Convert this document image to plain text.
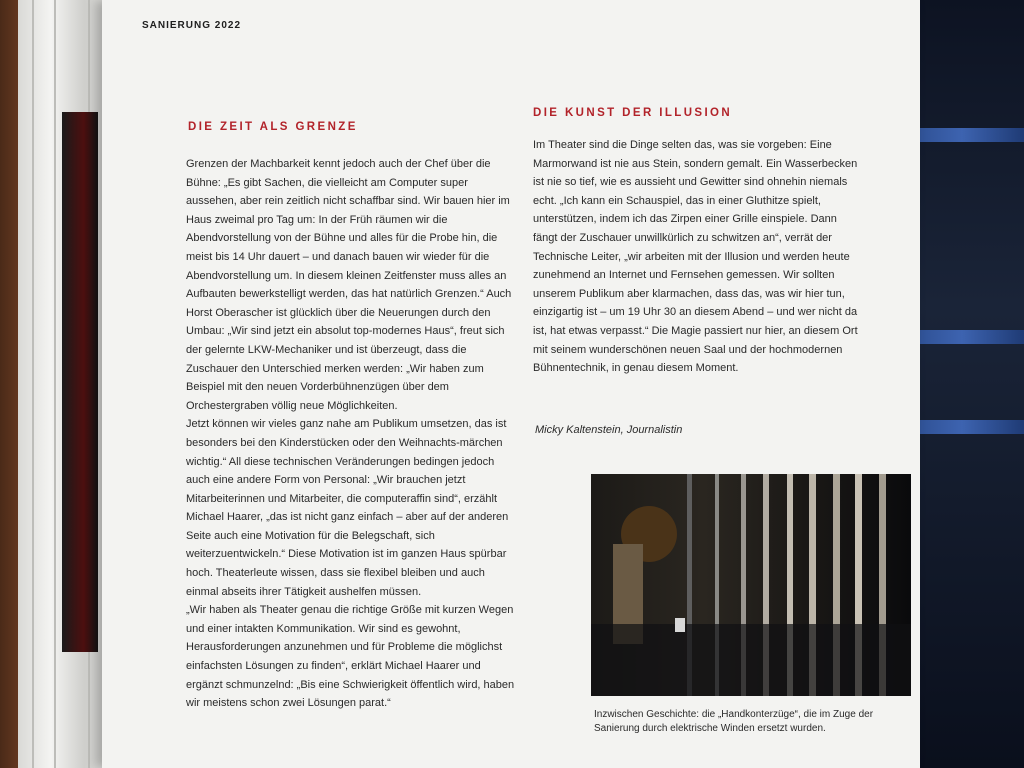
SANIERUNG 2022
DIE ZEIT ALS GRENZE

Grenzen der Machbarkeit kennt jedoch auch der Chef über die Bühne: „Es gibt Sachen, die vielleicht am Computer super aussehen, aber rein zeitlich nicht schaffbar sind. Wir bauen hier im Haus zweimal pro Tag um: In der Früh räumen wir die Abendvorstellung von der Bühne und alles für die Probe hin, die meist bis 14 Uhr dauert – und danach bauen wir wieder für die Abendvorstellung um. In diesem kleinen Zeitfenster muss alles an Aufbauten bewerkstelligt werden, das hat natürlich Grenzen.“ Auch Horst Oberascher ist glücklich über die Neuerungen durch den Umbau: „Wir sind jetzt ein absolut top-modernes Haus“, freut sich der gelernte LKW-Mechaniker und ist überzeugt, dass die Zuschauer den Unterschied merken werden: „Wir haben zum Beispiel mit den neuen Vorderbühnenzügen über dem Orchestergraben völlig neue Möglichkeiten.

Jetzt können wir vieles ganz nahe am Publikum umsetzen, das ist besonders bei den Kinderstücken oder den Weihnachts-märchen wichtig.“ All diese technischen Veränderungen bedingen jedoch auch eine andere Form von Personal: „Wir brauchen jetzt Mitarbeiterinnen und Mitarbeiter, die computeraffin sind“, erzählt Michael Haarer, „das ist nicht ganz einfach – aber auf der anderen Seite auch eine Motivation für die Belegschaft, sich weiterzuentwickeln.“ Diese Motivation ist im ganzen Haus spürbar hoch. Theaterleute wissen, dass sie flexibel bleiben und auch einmal abseits ihrer Tätigkeit aushelfen müssen.

„Wir haben als Theater genau die richtige Größe mit kurzen Wegen und einer intakten Kommunikation. Wir sind es gewohnt, Herausforderungen anzunehmen und für Probleme die möglichst einfachsten Lösungen zu finden“, erklärt Michael Haarer und ergänzt schmunzelnd: „Bis eine Schwierigkeit öffentlich wird, haben wir meistens schon zwei Lösungen parat.“

DIE KUNST DER ILLUSION

Im Theater sind die Dinge selten das, was sie vorgeben: Eine Marmorwand ist nie aus Stein, sondern gemalt. Ein Wasserbecken ist nie so tief, wie es aussieht und Gewitter sind ohnehin niemals echt. „Ich kann ein Schauspiel, das in einer Gluthitze spielt, unterstützen, indem ich das Zirpen einer Grille einspiele. Dann fängt der Zuschauer unwillkürlich zu schwitzen an“, verrät der Technische Leiter, „wir arbeiten mit der Illusion und werden heute zunehmend an Internet und Fernsehen gemessen. Wir sollten unserem Publikum aber klarmachen, dass das, was wir hier tun, einzigartig ist – um 19 Uhr 30 an diesem Abend – und wer nicht da ist, hat etwas verpasst.“ Die Magie passiert nur hier, an diesem Ort mit seinem wunderschönen neuen Saal und der hochmodernen Bühnentechnik, in genau diesem Moment.

Micky Kaltenstein, Journalistin
Inzwischen Geschichte: die „Handkonterzüge“, die im Zuge der Sanierung durch elektrische Winden ersetzt wurden.
